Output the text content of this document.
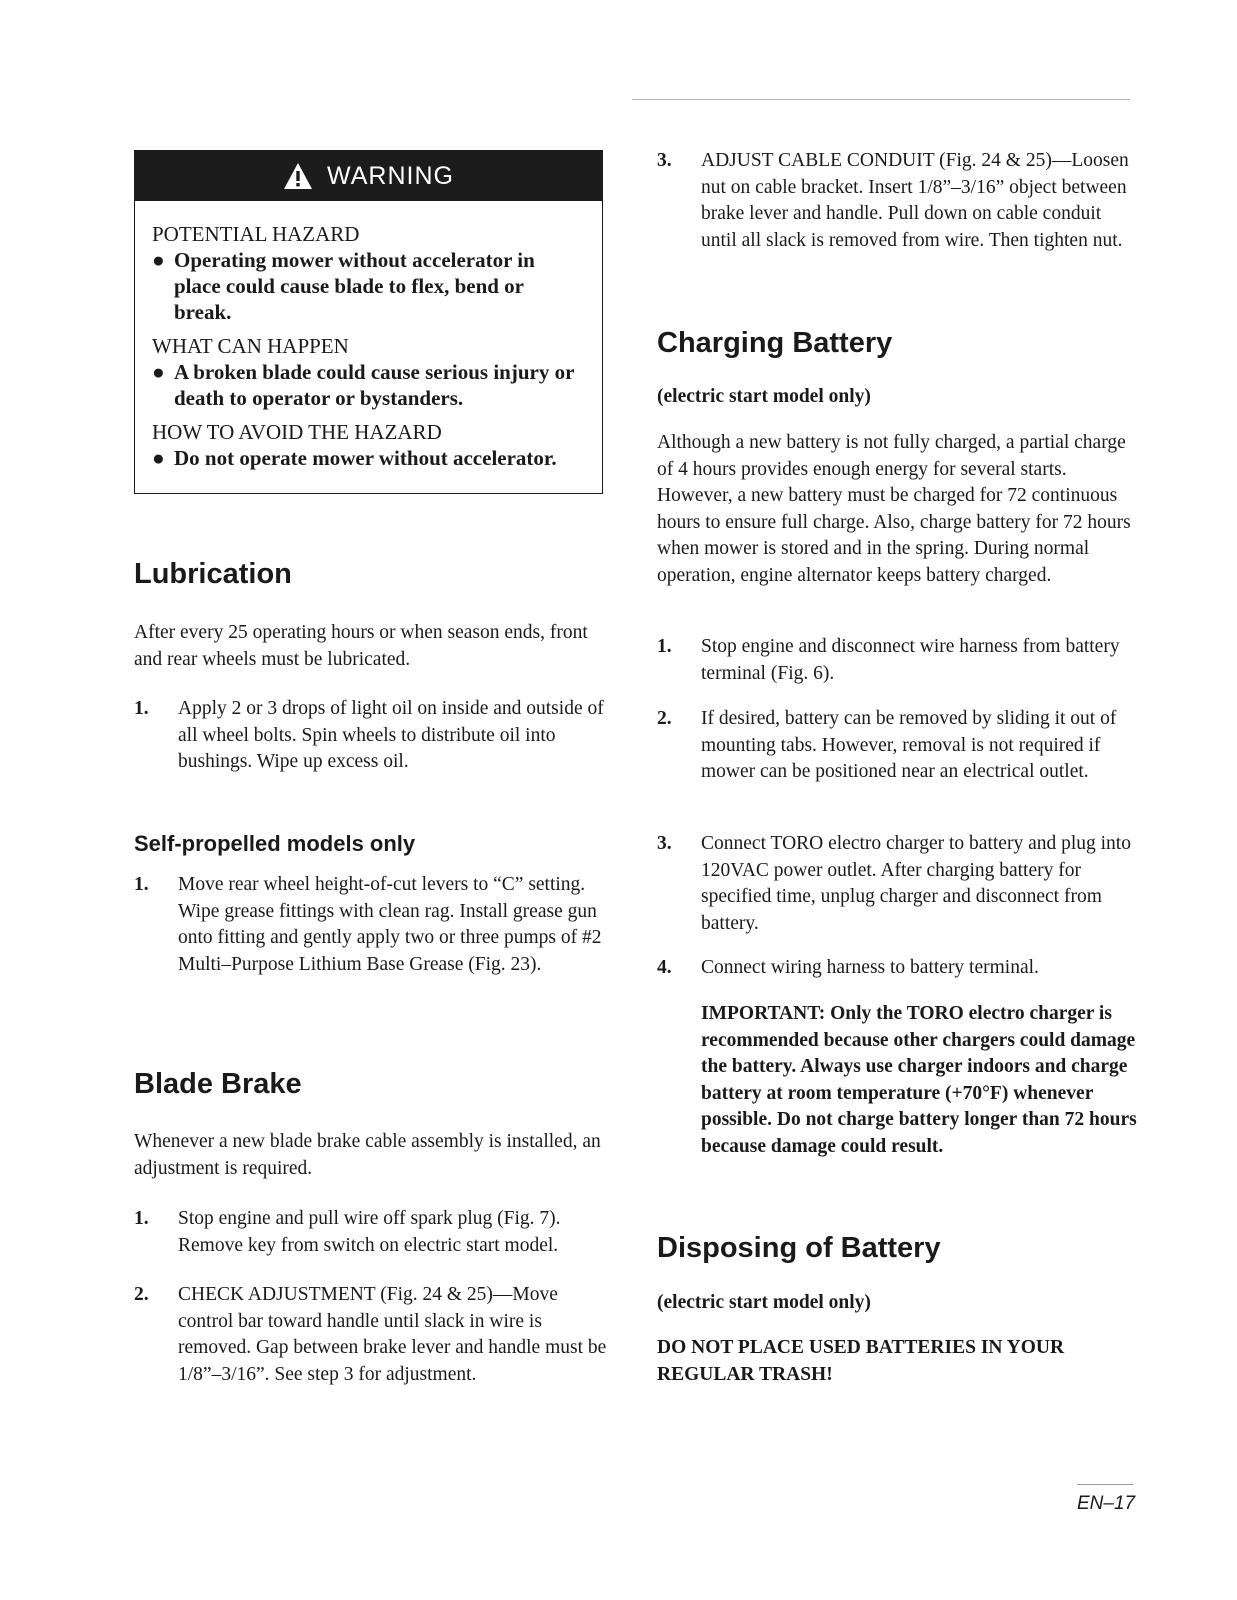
WARNING
POTENTIAL HAZARD
● Operating mower without accelerator in place could cause blade to flex, bend or break.
WHAT CAN HAPPEN
● A broken blade could cause serious injury or death to operator or bystanders.
HOW TO AVOID THE HAZARD
● Do not operate mower without accelerator.
Lubrication

After every 25 operating hours or when season ends, front and rear wheels must be lubricated.

1.	Apply 2 or 3 drops of light oil on inside and outside of all wheel bolts. Spin wheels to distribute oil into bushings. Wipe up excess oil.
Self-propelled models only
1.	Move rear wheel height-of-cut levers to “C” setting. Wipe grease fittings with clean rag. Install grease gun onto fitting and gently apply two or three pumps of #2 Multi–Purpose Lithium Base Grease (Fig. 23).
Blade Brake

Whenever a new blade brake cable assembly is installed, an adjustment is required.

1.	Stop engine and pull wire off spark plug (Fig. 7). Remove key from switch on electric start model.
2.	CHECK ADJUSTMENT (Fig. 24 & 25)—Move control bar toward handle until slack in wire is removed. Gap between brake lever and handle must be 1/8”–3/16”. See step 3 for adjustment.
3.	ADJUST CABLE CONDUIT (Fig. 24 & 25)—Loosen nut on cable bracket. Insert 1/8”–3/16” object between brake lever and handle. Pull down on cable conduit until all slack is removed from wire. Then tighten nut.
Charging Battery
(electric start model only)

Although a new battery is not fully charged, a partial charge of 4 hours provides enough energy for several starts. However, a new battery must be charged for 72 continuous hours to ensure full charge. Also, charge battery for 72 hours when mower is stored and in the spring. During normal operation, engine alternator keeps battery charged.

1.	Stop engine and disconnect wire harness from battery terminal (Fig. 6).
2.	If desired, battery can be removed by sliding it out of mounting tabs. However, removal is not required if mower can be positioned near an electrical outlet.
3.	Connect TORO electro charger to battery and plug into 120VAC power outlet. After charging battery for specified time, unplug charger and disconnect from battery.
4.	Connect wiring harness to battery terminal.
IMPORTANT: Only the TORO electro charger is recommended because other chargers could damage the battery. Always use charger indoors and charge battery at room temperature (+70°F) whenever possible. Do not charge battery longer than 72 hours because damage could result.
Disposing of Battery
(electric start model only)
DO NOT PLACE USED BATTERIES IN YOUR REGULAR TRASH!
EN–17
